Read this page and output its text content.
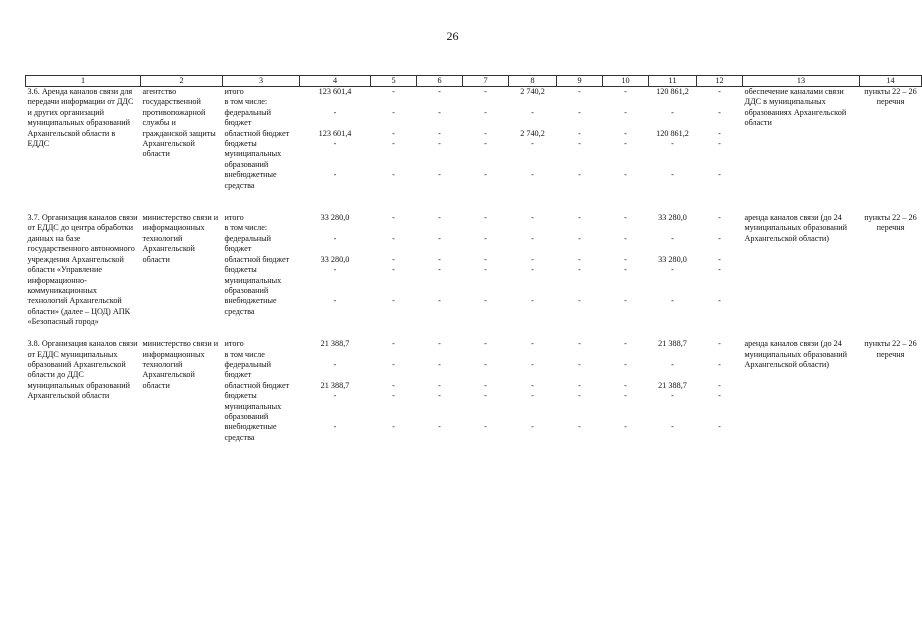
26
1	2	3	4	5	6	7	8	9	10	11	12	13	14
3.6. Аренда каналов связи для передачи информации от ДДС и других организаций муниципальных образований Архангельской области в ЕДДС	агентство государственной противопожарной службы и гражданской защиты Архангельской области	итого	123 601,4	-	-	-	2 740,2	-	-	120 861,2	-	обеспечение каналами связи ДДС в муниципальных образованиях Архангельской области	пункты 22 – 26 перечня
		в том числе:											
		федеральный бюджет	-	-	-	-	-	-	-	-	-		
		областной бюджет	123 601,4	-	-	-	2 740,2	-	-	120 861,2	-		
		бюджеты муниципальных образований	-	-	-	-	-	-	-	-	-		
		внебюджетные средства	-	-	-	-	-	-	-	-	-		
3.7. Организация каналов связи от ЕДДС до центра обработки данных на базе государственного автономного учреждения Архангельской области «Управление информационно-коммуникационных технологий Архангельской области» (далее – ЦОД) АПК «Безопасный город»	министерство связи и информационных технологий Архангельской области	итого	33 280,0	-	-	-	-	-	-	33 280,0	-	аренда каналов связи (до 24 муниципальных образований Архангельской области)	пункты 22 – 26 перечня
		в том числе:											
		федеральный бюджет	-	-	-	-	-	-	-	-	-		
		областной бюджет	33 280,0	-	-	-	-	-	-	33 280,0	-		
		бюджеты муниципальных образований	-	-	-	-	-	-	-	-	-		
		внебюджетные средства	-	-	-	-	-	-	-	-	-		
3.8. Организация каналов связи от ЕДДС муниципальных образований Архангельской области до ДДС муниципальных образований Архангельской области	министерство связи и информационных технологий Архангельской области	итого	21 388,7	-	-	-	-	-	-	21 388,7	-	аренда каналов связи (до 24 муниципальных образований Архангельской области)	пункты 22 – 26 перечня
		в том числе											
		федеральный бюджет	-	-	-	-	-	-	-	-	-		
		областной бюджет	21 388,7	-	-	-	-	-	-	21 388,7	-		
		бюджеты муниципальных образований	-	-	-	-	-	-	-	-	-		
		внебюджетные средства	-	-	-	-	-	-	-	-	-		
